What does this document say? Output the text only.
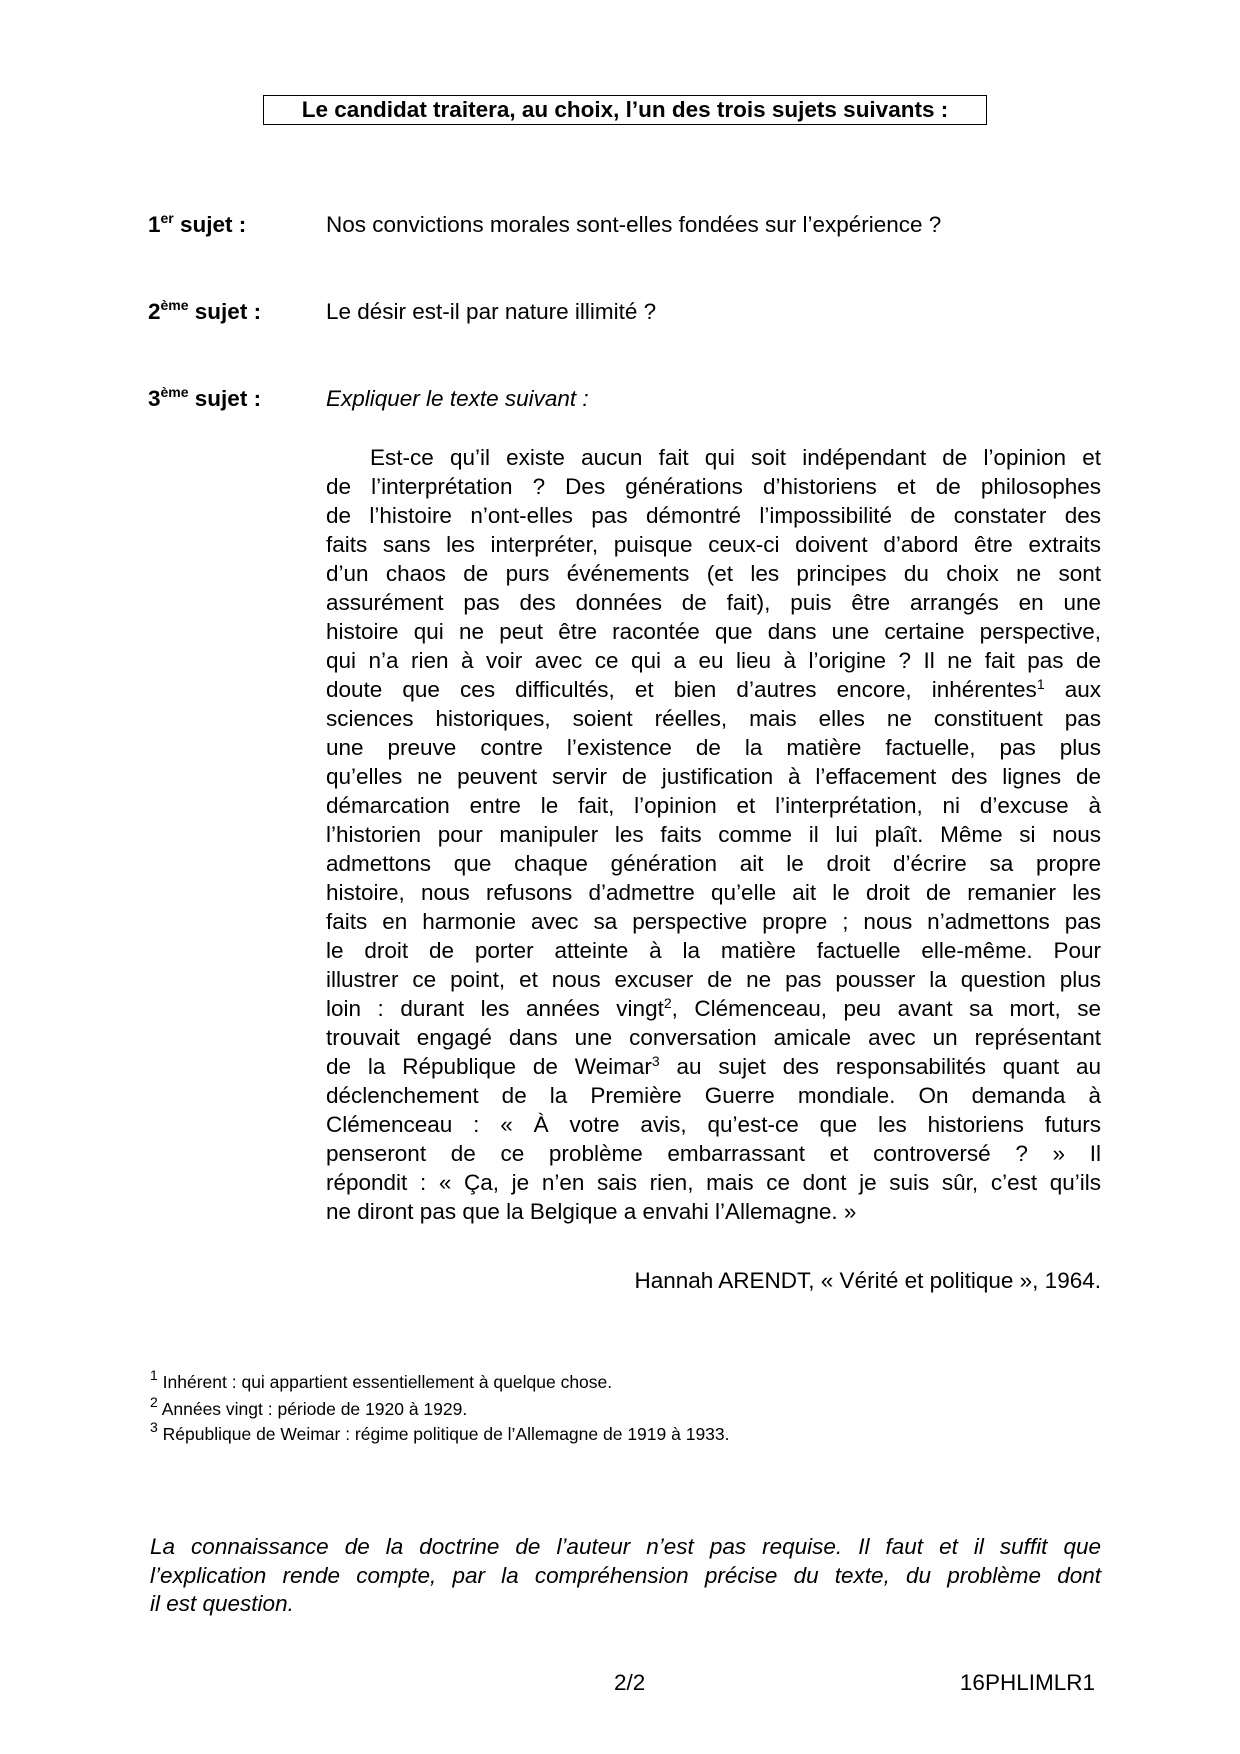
Le candidat traitera, au choix, l’un des trois sujets suivants :
1er sujet :	Nos convictions morales sont-elles fondées sur l’expérience ?
2ème sujet :	Le désir est-il par nature illimité ?
3ème sujet :	Expliquer le texte suivant :
Est-ce qu’il existe aucun fait qui soit indépendant de l’opinion et
de l’interprétation ? Des générations d’historiens et de philosophes
de l’histoire n’ont-elles pas démontré l’impossibilité de constater des
faits sans les interpréter, puisque ceux-ci doivent d’abord être extraits
d’un chaos de purs événements (et les principes du choix ne sont
assurément pas des données de fait), puis être arrangés en une
histoire qui ne peut être racontée que dans une certaine perspective,
qui n’a rien à voir avec ce qui a eu lieu à l’origine ? Il ne fait pas de
doute que ces difficultés, et bien d’autres encore, inhérentes$^1$ aux
sciences historiques, soient réelles, mais elles ne constituent pas
une preuve contre l’existence de la matière factuelle, pas plus
qu’elles ne peuvent servir de justification à l’effacement des lignes de
démarcation entre le fait, l’opinion et l’interprétation, ni d’excuse à
l’historien pour manipuler les faits comme il lui plaît. Même si nous
admettons que chaque génération ait le droit d’écrire sa propre
histoire, nous refusons d’admettre qu’elle ait le droit de remanier les
faits en harmonie avec sa perspective propre ; nous n’admettons pas
le droit de porter atteinte à la matière factuelle elle-même. Pour
illustrer ce point, et nous excuser de ne pas pousser la question plus
loin : durant les années vingt$^2$, Clémenceau, peu avant sa mort, se
trouvait engagé dans une conversation amicale avec un représentant
de la République de Weimar$^3$ au sujet des responsabilités quant au
déclenchement de la Première Guerre mondiale. On demanda à
Clémenceau : « À votre avis, qu’est-ce que les historiens futurs
penseront de ce problème embarrassant et controversé ? » Il
répondit : « Ça, je n’en sais rien, mais ce dont je suis sûr, c’est qu’ils
ne diront pas que la Belgique a envahi l’Allemagne. »
Hannah ARENDT, « Vérité et politique », 1964.
$^1$ Inhérent : qui appartient essentiellement à quelque chose.
$^2$ Années vingt : période de 1920 à 1929.
$^3$ République de Weimar : régime politique de l’Allemagne de 1919 à 1933.
La connaissance de la doctrine de l’auteur n’est pas requise. Il faut et il suffit que
l’explication rende compte, par la compréhension précise du texte, du problème dont
il est question.
2/2	16PHLIMLR1
